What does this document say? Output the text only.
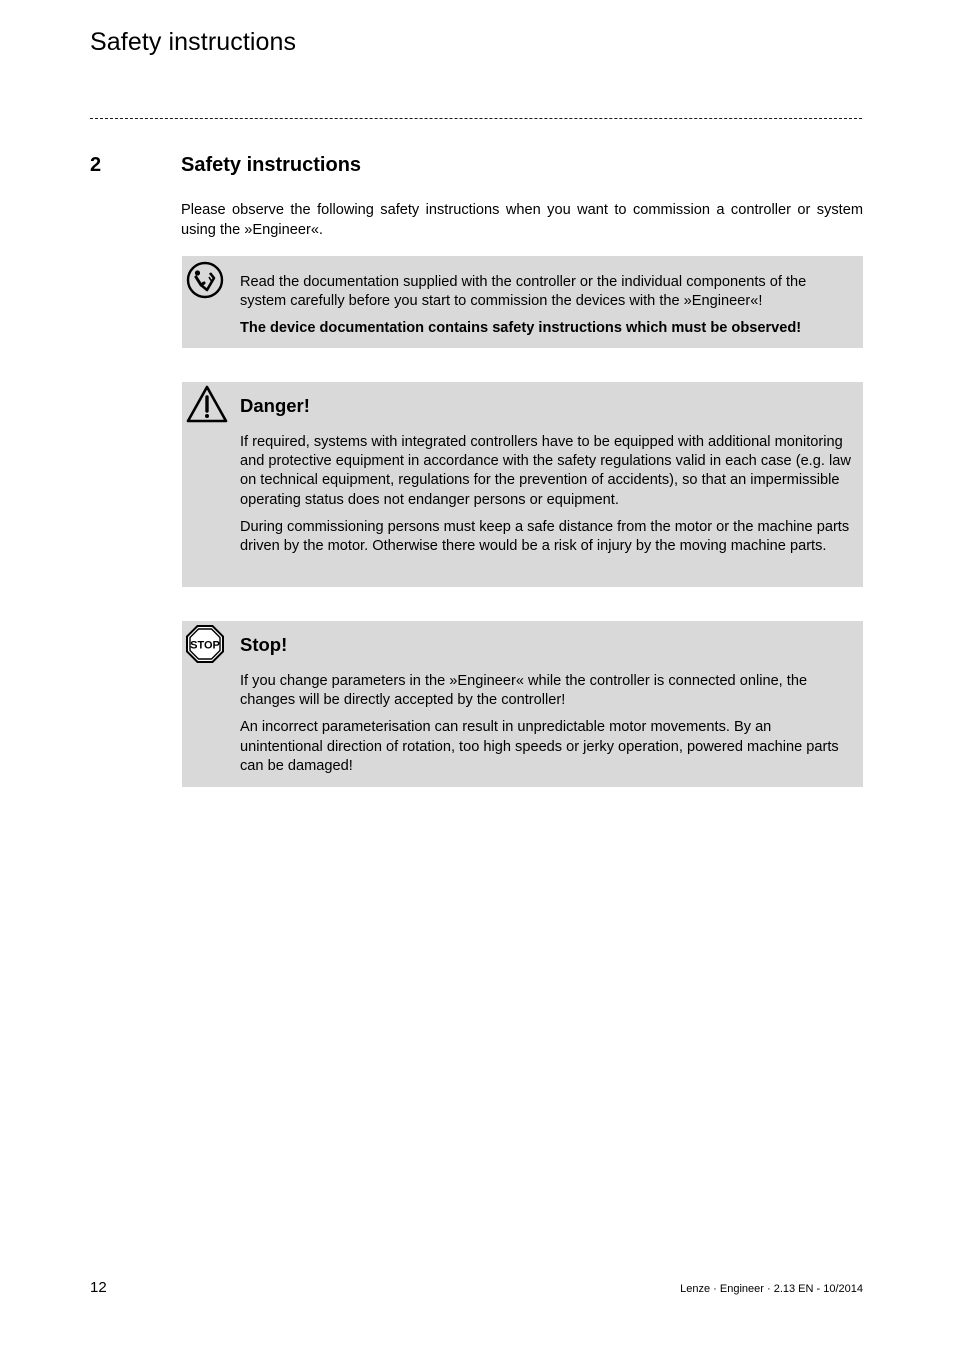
Safety instructions
2	Safety instructions

Please observe the following safety instructions when you want to commission a controller or system using the »Engineer«.

Read the documentation supplied with the controller or the individual components of the system carefully before you start to commission the devices with the »Engineer«!

The device documentation contains safety instructions which must be observed!

Danger!

If required, systems with integrated controllers have to be equipped with additional monitoring and protective equipment in accordance with the safety regulations valid in each case (e.g. law on technical equipment, regulations for the prevention of accidents), so that an impermissible operating status does not endanger persons or equipment.

During commissioning persons must keep a safe distance from the motor or the machine parts driven by the motor. Otherwise there would be a risk of injury by the moving machine parts.

STOP Stop!

If you change parameters in the »Engineer« while the controller is connected online, the changes will be directly accepted by the controller!

An incorrect parameterisation can result in unpredictable motor movements. By an unintentional direction of rotation, too high speeds or jerky operation, powered machine parts can be damaged!

12	Lenze · Engineer · 2.13 EN - 10/2014
